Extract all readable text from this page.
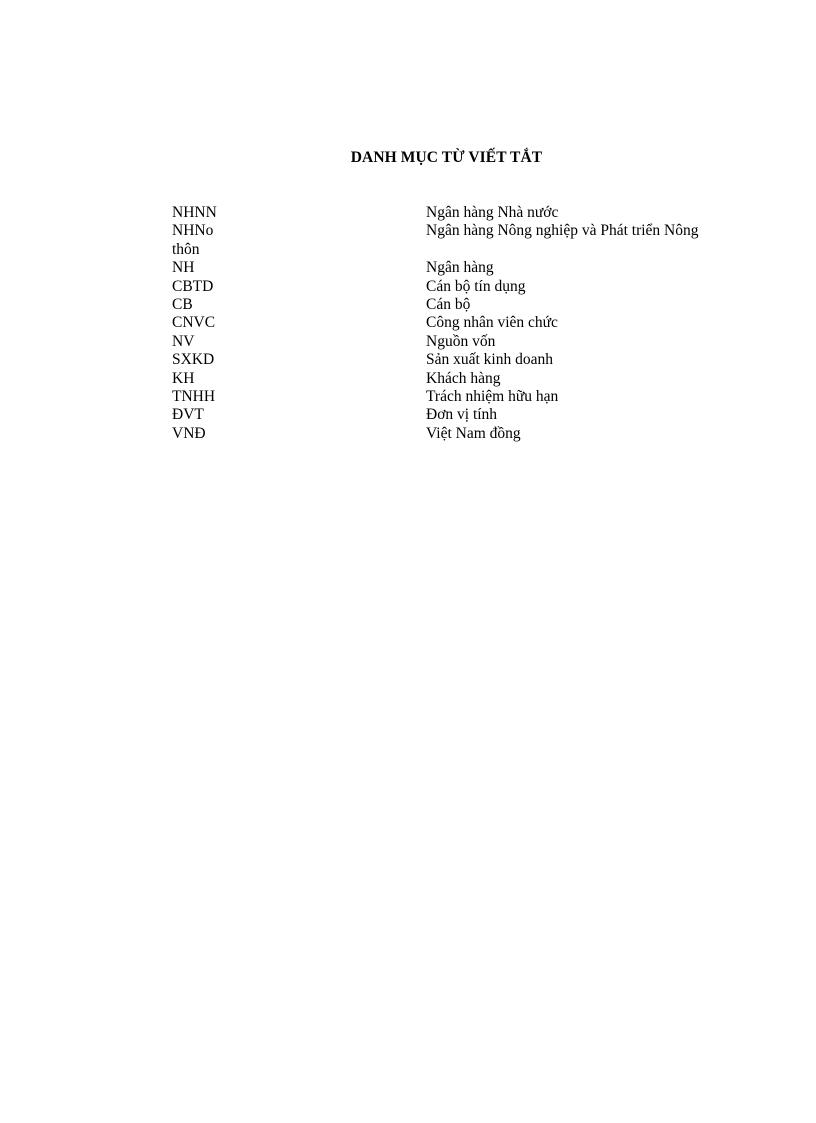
DANH MỤC TỪ VIẾT TẮT
NHNN	Ngân hàng Nhà nước
NHNo	Ngân hàng Nông nghiệp và Phát triển Nông
thôn
NH	Ngân hàng
CBTD	Cán bộ tín dụng
CB	Cán bộ
CNVC	Công nhân viên chức
NV	Nguồn vốn
SXKD	Sản xuất kinh doanh
KH	Khách hàng
TNHH	Trách nhiệm hữu hạn
ĐVT	Đơn vị tính
VNĐ	Việt Nam đồng
